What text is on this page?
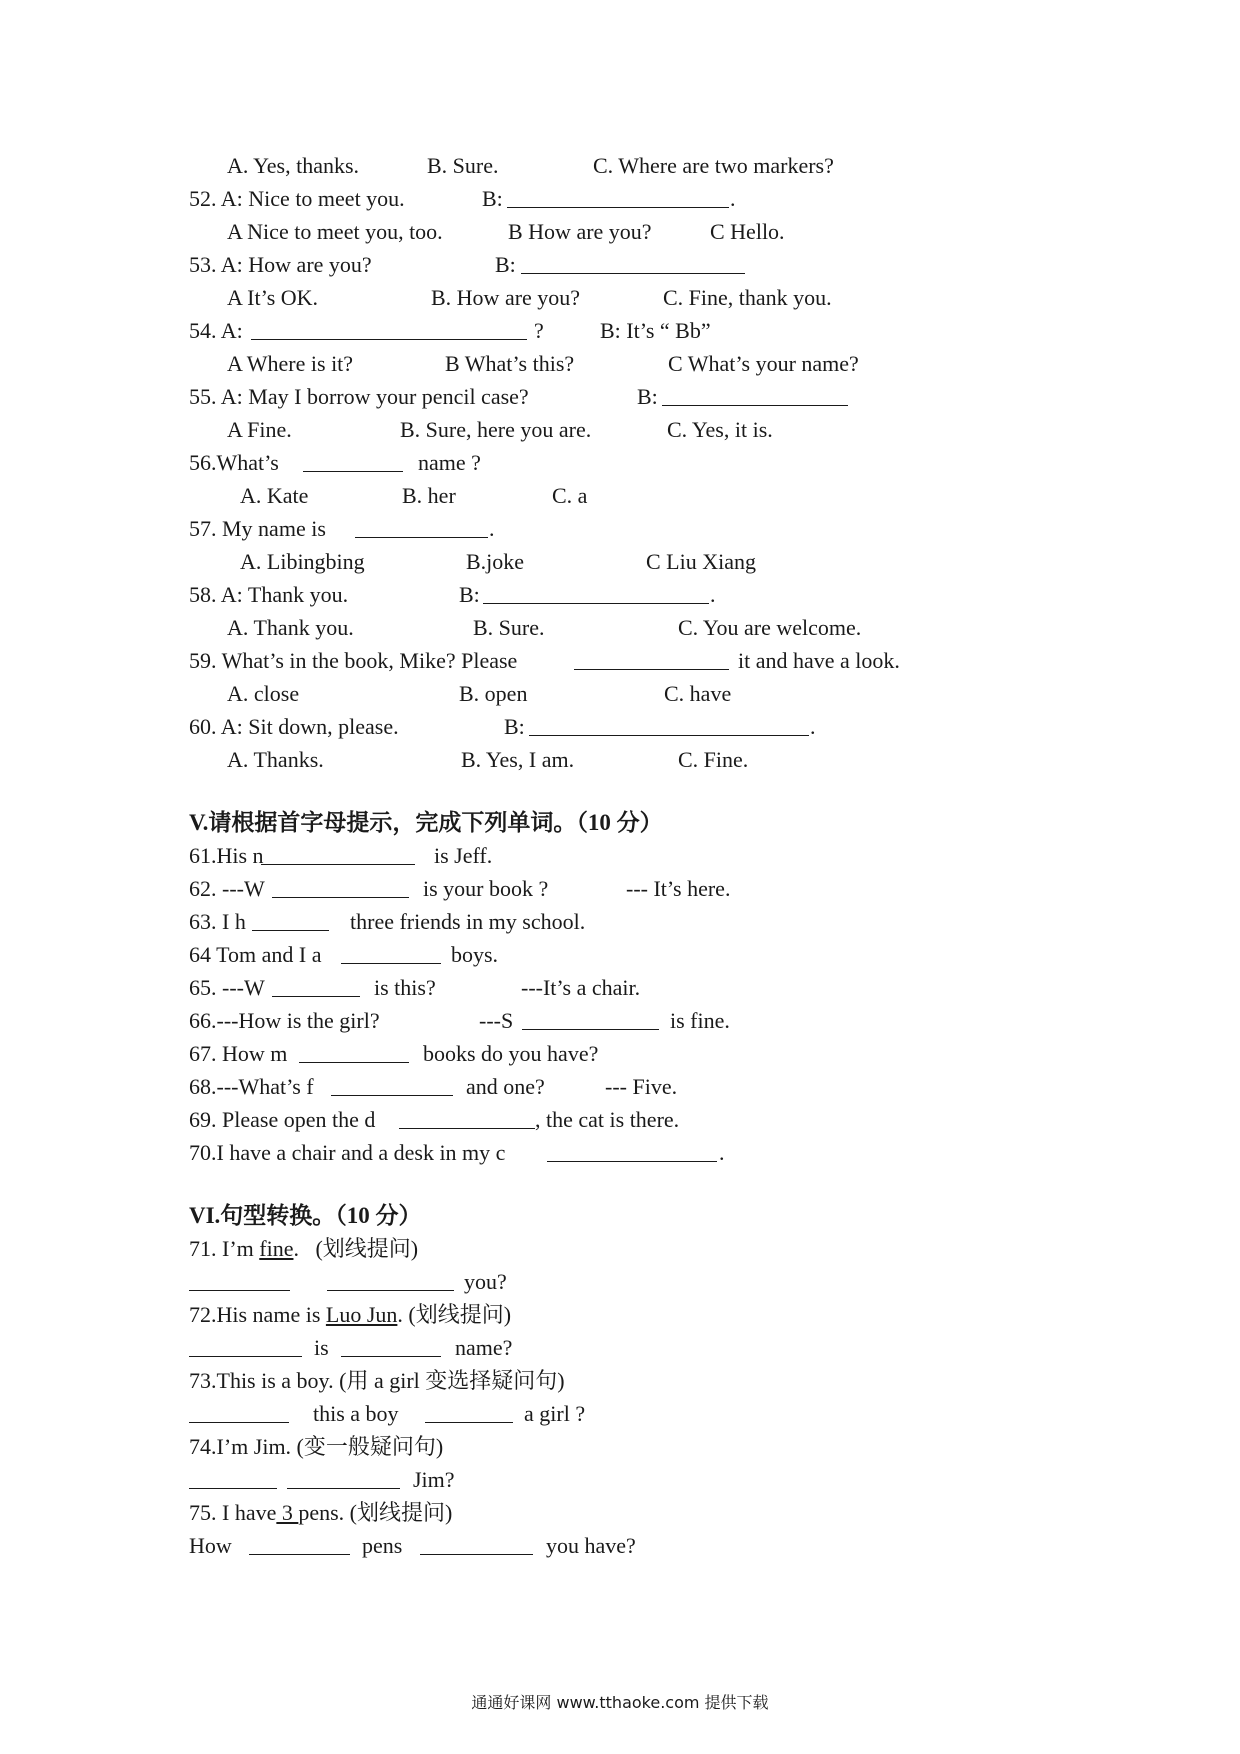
A. Yes, thanks.	B. Sure.	C. Where are two markers?
52. A: Nice to meet you.	B:	.
A Nice to meet you, too.	B How are you?	C Hello.
53. A: How are you?	B:
A It’s OK.	B. How are you?	C. Fine, thank you.
54. A:	?	B: It’s “ Bb”
A Where is it?	B What’s this?	C What’s your name?
55. A: May I borrow your pencil case?	B:
A Fine.	B. Sure, here you are.	C. Yes, it is.
56.What’s	name ?
A. Kate	B. her	C. a
57. My name is	.
A. Libingbing	B.joke	C Liu Xiang
58. A: Thank you.	B:	.
A. Thank you.	B. Sure.	C. You are welcome.
59. What’s in the book, Mike? Please	it and have a look.
A. close	B. open	C. have
60. A: Sit down, please.	B:	.
A. Thanks.	B. Yes, I am.	C. Fine.
V.请根据首字母提示，完成下列单词。（10 分）
61.His n	is Jeff.
62. ---W	is your book ?	--- It’s here.
63. I h	three friends in my school.
64 Tom and I a	boys.
65. ---W	is this?	---It’s a chair.
66.---How is the girl?	---S	is fine.
67. How m	books do you have?
68.---What’s f	and one?	--- Five.
69. Please open the d	, the cat is there.
70.I have a chair and a desk in my c	.
VI.句型转换。（10 分）
71. I’m fine. (划线提问)
you?
72.His name is Luo Jun. (划线提问)
is	name?
73.This is a boy. (用 a girl 变选择疑问句)
this a boy	a girl ?
74.I’m Jim. (变一般疑问句)
Jim?
75. I have 3 pens. (划线提问)
How	pens	you have?
通通好课网 www.tthaoke.com 提供下载
